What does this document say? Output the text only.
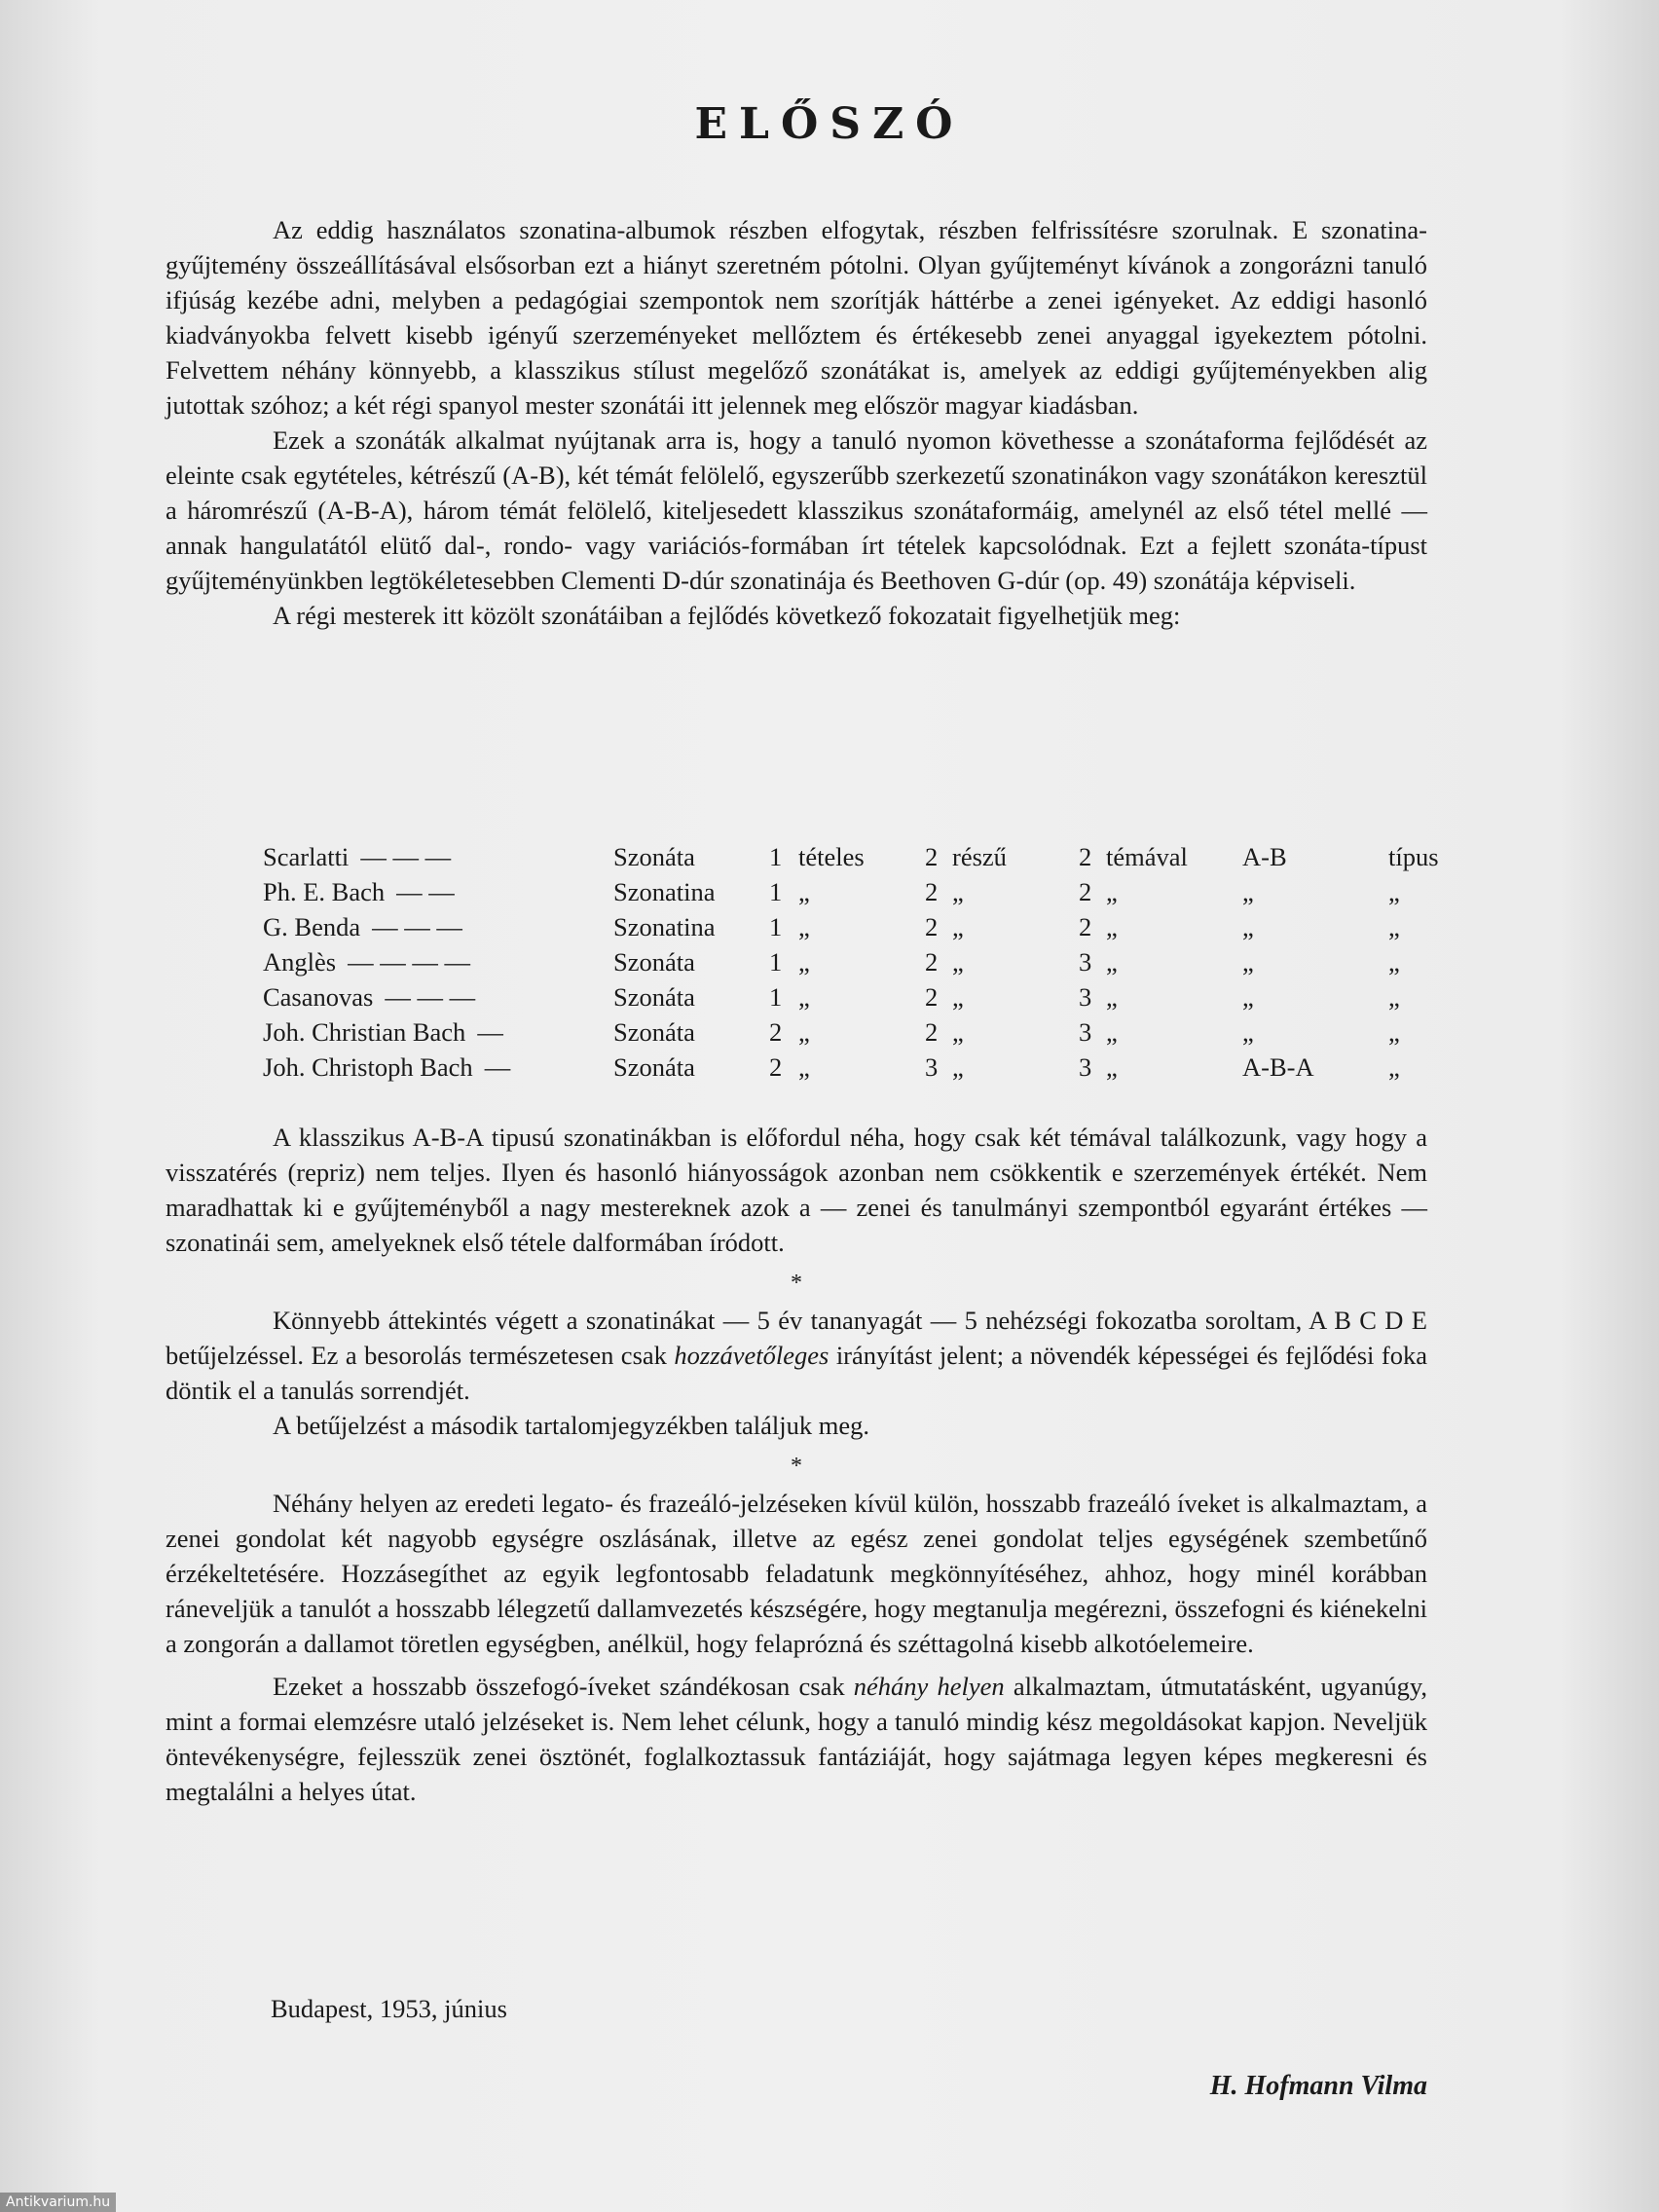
ELŐSZÓ

Az eddig használatos szonatina-albumok részben elfogytak, részben felfrissítésre szorulnak. E szonatina-gyűjtemény összeállításával elsősorban ezt a hiányt szeretném pótolni. Olyan gyűjteményt kívánok a zongorázni tanuló ifjúság kezébe adni, melyben a pedagógiai szempontok nem szorítják háttérbe a zenei igényeket. Az eddigi hasonló kiadványokba felvett kisebb igényű szerzeményeket mellőztem és értékesebb zenei anyaggal igyekeztem pótolni. Felvettem néhány könnyebb, a klasszikus stílust megelőző szonátákat is, amelyek az eddigi gyűjteményekben alig jutottak szóhoz; a két régi spanyol mester szonátái itt jelennek meg először magyar kiadásban.

Ezek a szonáták alkalmat nyújtanak arra is, hogy a tanuló nyomon követhesse a szonátaforma fejlődését az eleinte csak egytételes, kétrészű (A-B), két témát felölelő, egyszerűbb szerkezetű szonatinákon vagy szonátákon keresztül a háromrészű (A-B-A), három témát felölelő, kiteljesedett klasszikus szonátaformáig, amelynél az első tétel mellé — annak hangulatától elütő dal-, rondo- vagy variációs-formában írt tételek kapcsolódnak. Ezt a fejlett szonáta-típust gyűjteményünkben legtökéletesebben Clementi D-dúr szonatinája és Beethoven G-dúr (op. 49) szonátája képviseli.

A régi mesterek itt közölt szonátáiban a fejlődés következő fokozatait figyelhetjük meg:

Scarlatti — — —	Szonáta	1	tételes	2	részű	2	témával	A-B	típus
Ph. E. Bach — —	Szonatina	1	„	2	„	2	„	„	„
G. Benda — — —	Szonatina	1	„	2	„	2	„	„	„
Anglès — — — —	Szonáta	1	„	2	„	3	„	„	„
Casanovas — — —	Szonáta	1	„	2	„	3	„	„	„
Joh. Christian Bach —	Szonáta	2	„	2	„	3	„	„	„
Joh. Christoph Bach —	Szonáta	2	„	3	„	3	„	A-B-A	„

A klasszikus A-B-A tipusú szonatinákban is előfordul néha, hogy csak két témával találkozunk, vagy hogy a visszatérés (repriz) nem teljes. Ilyen és hasonló hiányosságok azonban nem csökkentik e szerzemények értékét. Nem maradhattak ki e gyűjteményből a nagy mestereknek azok a — zenei és tanulmányi szempontból egyaránt értékes — szonatinái sem, amelyeknek első tétele dalformában íródott.

*

Könnyebb áttekintés végett a szonatinákat — 5 év tananyagát — 5 nehézségi fokozatba soroltam, A B C D E betűjelzéssel. Ez a besorolás természetesen csak hozzávetőleges irányítást jelent; a növendék képességei és fejlődési foka döntik el a tanulás sorrendjét.

A betűjelzést a második tartalomjegyzékben találjuk meg.

*

Néhány helyen az eredeti legato- és frazeáló-jelzéseken kívül külön, hosszabb frazeáló íveket is alkalmaztam, a zenei gondolat két nagyobb egységre oszlásának, illetve az egész zenei gondolat teljes egységének szembetűnő érzékeltetésére. Hozzásegíthet az egyik legfontosabb feladatunk megkönnyítéséhez, ahhoz, hogy minél korábban ráneveljük a tanulót a hosszabb lélegzetű dallamvezetés készségére, hogy megtanulja megérezni, összefogni és kiénekelni a zongorán a dallamot töretlen egységben, anélkül, hogy felaprózná és széttagolná kisebb alkotóelemeire.

Ezeket a hosszabb összefogó-íveket szándékosan csak néhány helyen alkalmaztam, útmutatásként, ugyanúgy, mint a formai elemzésre utaló jelzéseket is. Nem lehet célunk, hogy a tanuló mindig kész megoldásokat kapjon. Neveljük öntevékenységre, fejlesszük zenei ösztönét, foglalkoztassuk fantáziáját, hogy sajátmaga legyen képes megkeresni és megtalálni a helyes útat.

Budapest, 1953, június
H. Hofmann Vilma
Antikvarium.hu
